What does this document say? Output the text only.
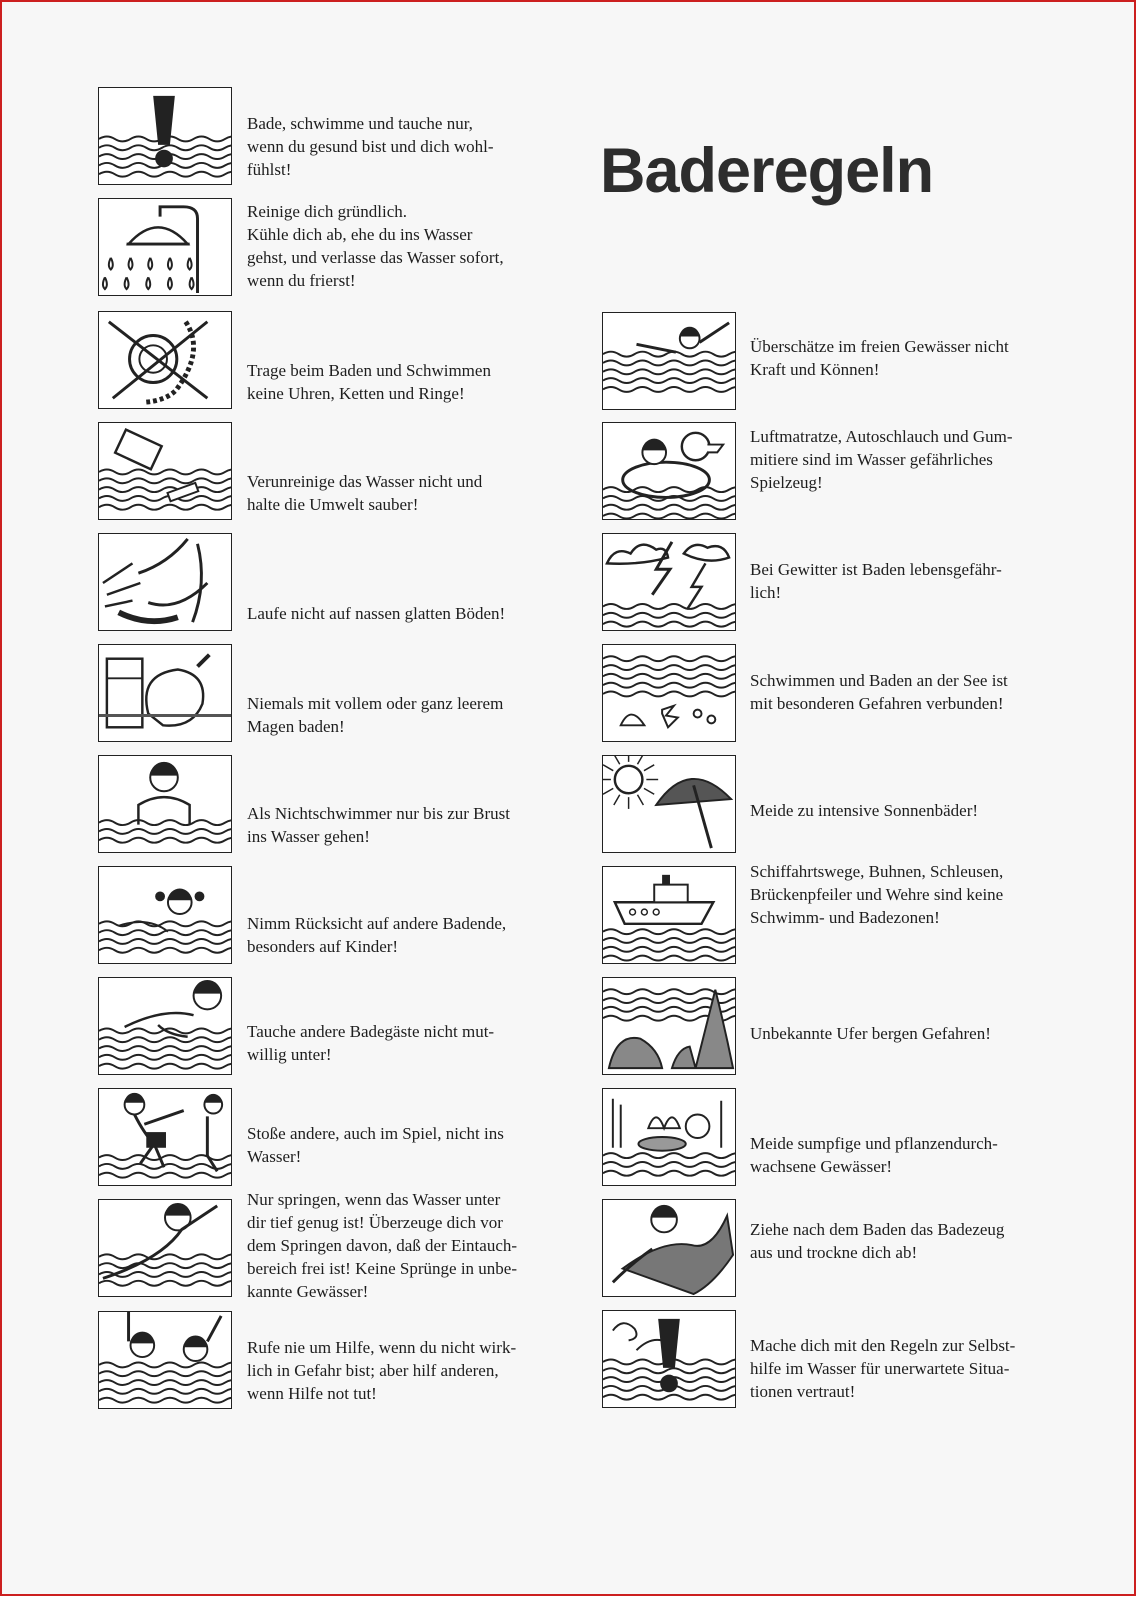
Baderegeln
Bade, schwimme und tauche nur,
wenn du gesund bist und dich wohl-
fühlst!
Reinige dich gründlich.
Kühle dich ab, ehe du ins Wasser
gehst, und verlasse das Wasser sofort,
wenn du frierst!
Trage beim Baden und Schwimmen
keine Uhren, Ketten und Ringe!
Verunreinige das Wasser nicht und
halte die Umwelt sauber!
Laufe nicht auf nassen glatten Böden!
Niemals mit vollem oder ganz leerem
Magen baden!
Als Nichtschwimmer nur bis zur Brust
ins Wasser gehen!
Nimm Rücksicht auf andere Badende,
besonders auf Kinder!
Tauche andere Badegäste nicht mut-
willig unter!
Stoße andere, auch im Spiel, nicht ins
Wasser!
Nur springen, wenn das Wasser unter
dir tief genug ist! Überzeuge dich vor
dem Springen davon, daß der Eintauch-
bereich frei ist! Keine Sprünge in unbe-
kannte Gewässer!
Rufe nie um Hilfe, wenn du nicht wirk-
lich in Gefahr bist; aber hilf anderen,
wenn Hilfe not tut!
Überschätze im freien Gewässer nicht
Kraft und Können!
Luftmatratze, Autoschlauch und Gum-
mitiere sind im Wasser gefährliches
Spielzeug!
Bei Gewitter ist Baden lebensgefähr-
lich!
Schwimmen und Baden an der See ist
mit besonderen Gefahren verbunden!
Meide zu intensive Sonnenbäder!
Schiffahrtswege, Buhnen, Schleusen,
Brückenpfeiler und Wehre sind keine
Schwimm- und Badezonen!
Unbekannte Ufer bergen Gefahren!
Meide sumpfige und pflanzendurch-
wachsene Gewässer!
Ziehe nach dem Baden das Badezeug
aus und trockne dich ab!
Mache dich mit den Regeln zur Selbst-
hilfe im Wasser für unerwartete Situa-
tionen vertraut!
